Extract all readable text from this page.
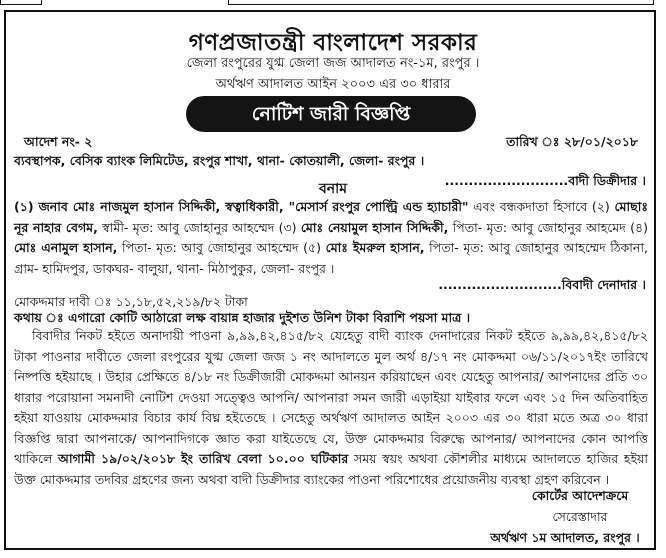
গণপ্রজাতন্ত্রী বাংলাদেশ সরকার
জেলা রংপুরের যুগ্ম জেলা জজ আদালত নং-১ম, রংপুর ।
অর্থঋণ আদালত আইন ২০০৩ এর ৩০ ধারার
নোটিশ জারী বিজ্ঞপ্তি
আদেশ নং- ২	তারিখ ঃ ২৮/০১/২০১৮
ব্যবস্থাপক, বেসিক ব্যাংক লিমিটেড, রংপুর শাখা, থানা- কোতয়ালী, জেলা- রংপুর ।
..........................বাদী ডিক্রীদার ।
বনাম
(১) জনাব মোঃ নাজমুল হাসান সিদ্দিকী, স্বত্বাধিকারী, "মেসার্স রংপুর পোল্ট্রি এন্ড হ্যাচারী" এবং বন্ধকদাতা হিসাবে (২) মোছাঃ নূর নাহার বেগম, স্বামী- মৃত: আবু জোহানুর আহম্মেদ (৩) মোঃ নেয়ামুল হাসান সিদ্দিকী, পিতা- মৃত: আবু জোহানুর আহমেদ (৪) মোঃ এনামুল হাসান, পিতা- মৃত: আবু জোহানুর আহম্মেদ (৫) মোঃ ইমরুল হাসান, পিতা- মৃত: আবু জোহানুর আহম্মেদ ঠিকানা, গ্রাম- হামিদপুর, ডাকঘর- বালুয়া, থানা- মিঠাপুকুর, জেলা- রংপুর ।
..........................বিবাদী দেনাদার ।
মোকদ্দমার দাবী ঃ ১১,১৮,৫২,২১৯/৮২ টাকা
কথায় ঃ এগারো কোটি আঠারো লক্ষ বায়ান্ন হাজার দুইশত উনিশ টাকা বিরাশি পয়সা মাত্র ।
বিবাদীর নিকট হইতে অনাদায়ী পাওনা ৯,৯৯,৪২,৪১৫/৮২ যেহেতু বাদী ব্যাংক দেনাদারের নিকট হইতে ৯,৯৯,৪২,৪১৫/৮২ টাকা পাওনার দাবীতে জেলা রংপুরের যুগ্ম জেলা জজ ১ নং আদালতে মুল অর্থ ৪/১৭ নং মোকদ্দমা ০৬/১১/২০১৭ইং তারিখে নিষ্পত্তি হইয়াছে । উহার প্রেক্ষিতে ৪/১৮ নং ডিক্রীজারী মোকদ্দমা আনয়ন করিয়াছেন এবং যেহেতু আপনার/ আপনাদের প্রতি ৩০ ধারার পরোয়ানা সমনাদী নোটিশ দেওয়া সত্ত্বেও আপনি/ আপনারা সমন জারী এড়াইয়া যাইবার ফলে এবং ১৫ দিন অতিবাহিত হইয়া যাওয়ায় মোকদ্দমার বিচার কার্য বিঘ্ন হইতেছে । সেহেতু অর্থঋণ আদালত আইন ২০০৩ এর ৩০ ধারা মতে অত্র ৩০ ধারা বিজ্ঞপ্তি দ্বারা আপনাকে/ আপনাদিগকে জ্ঞাত করা যাইতেছে যে, উক্ত মোকদ্দমার বিরুদ্ধে আপনার/ আপনাদের কোন আপত্তি থাকিলে আগামী ১৯/০২/২০১৮ ইং তারিখ বেলা ১০.০০ ঘটিকার সময় স্বয়ং অথবা কৌশলীর মাধ্যমে আদালতে হাজির হইয়া উক্ত মোকদ্দমার তদবির গ্রহণের জন্য অথবা বাদী ডিক্রীদার ব্যাংকের পাওনা পরিশোধের প্রয়োজনীয় ব্যবস্থা গ্রহণ করিবেন ।
কোর্টের আদেশক্রমে
সেরেস্তাদার
অর্থঋণ ১ম আদালত, রংপুর ।
